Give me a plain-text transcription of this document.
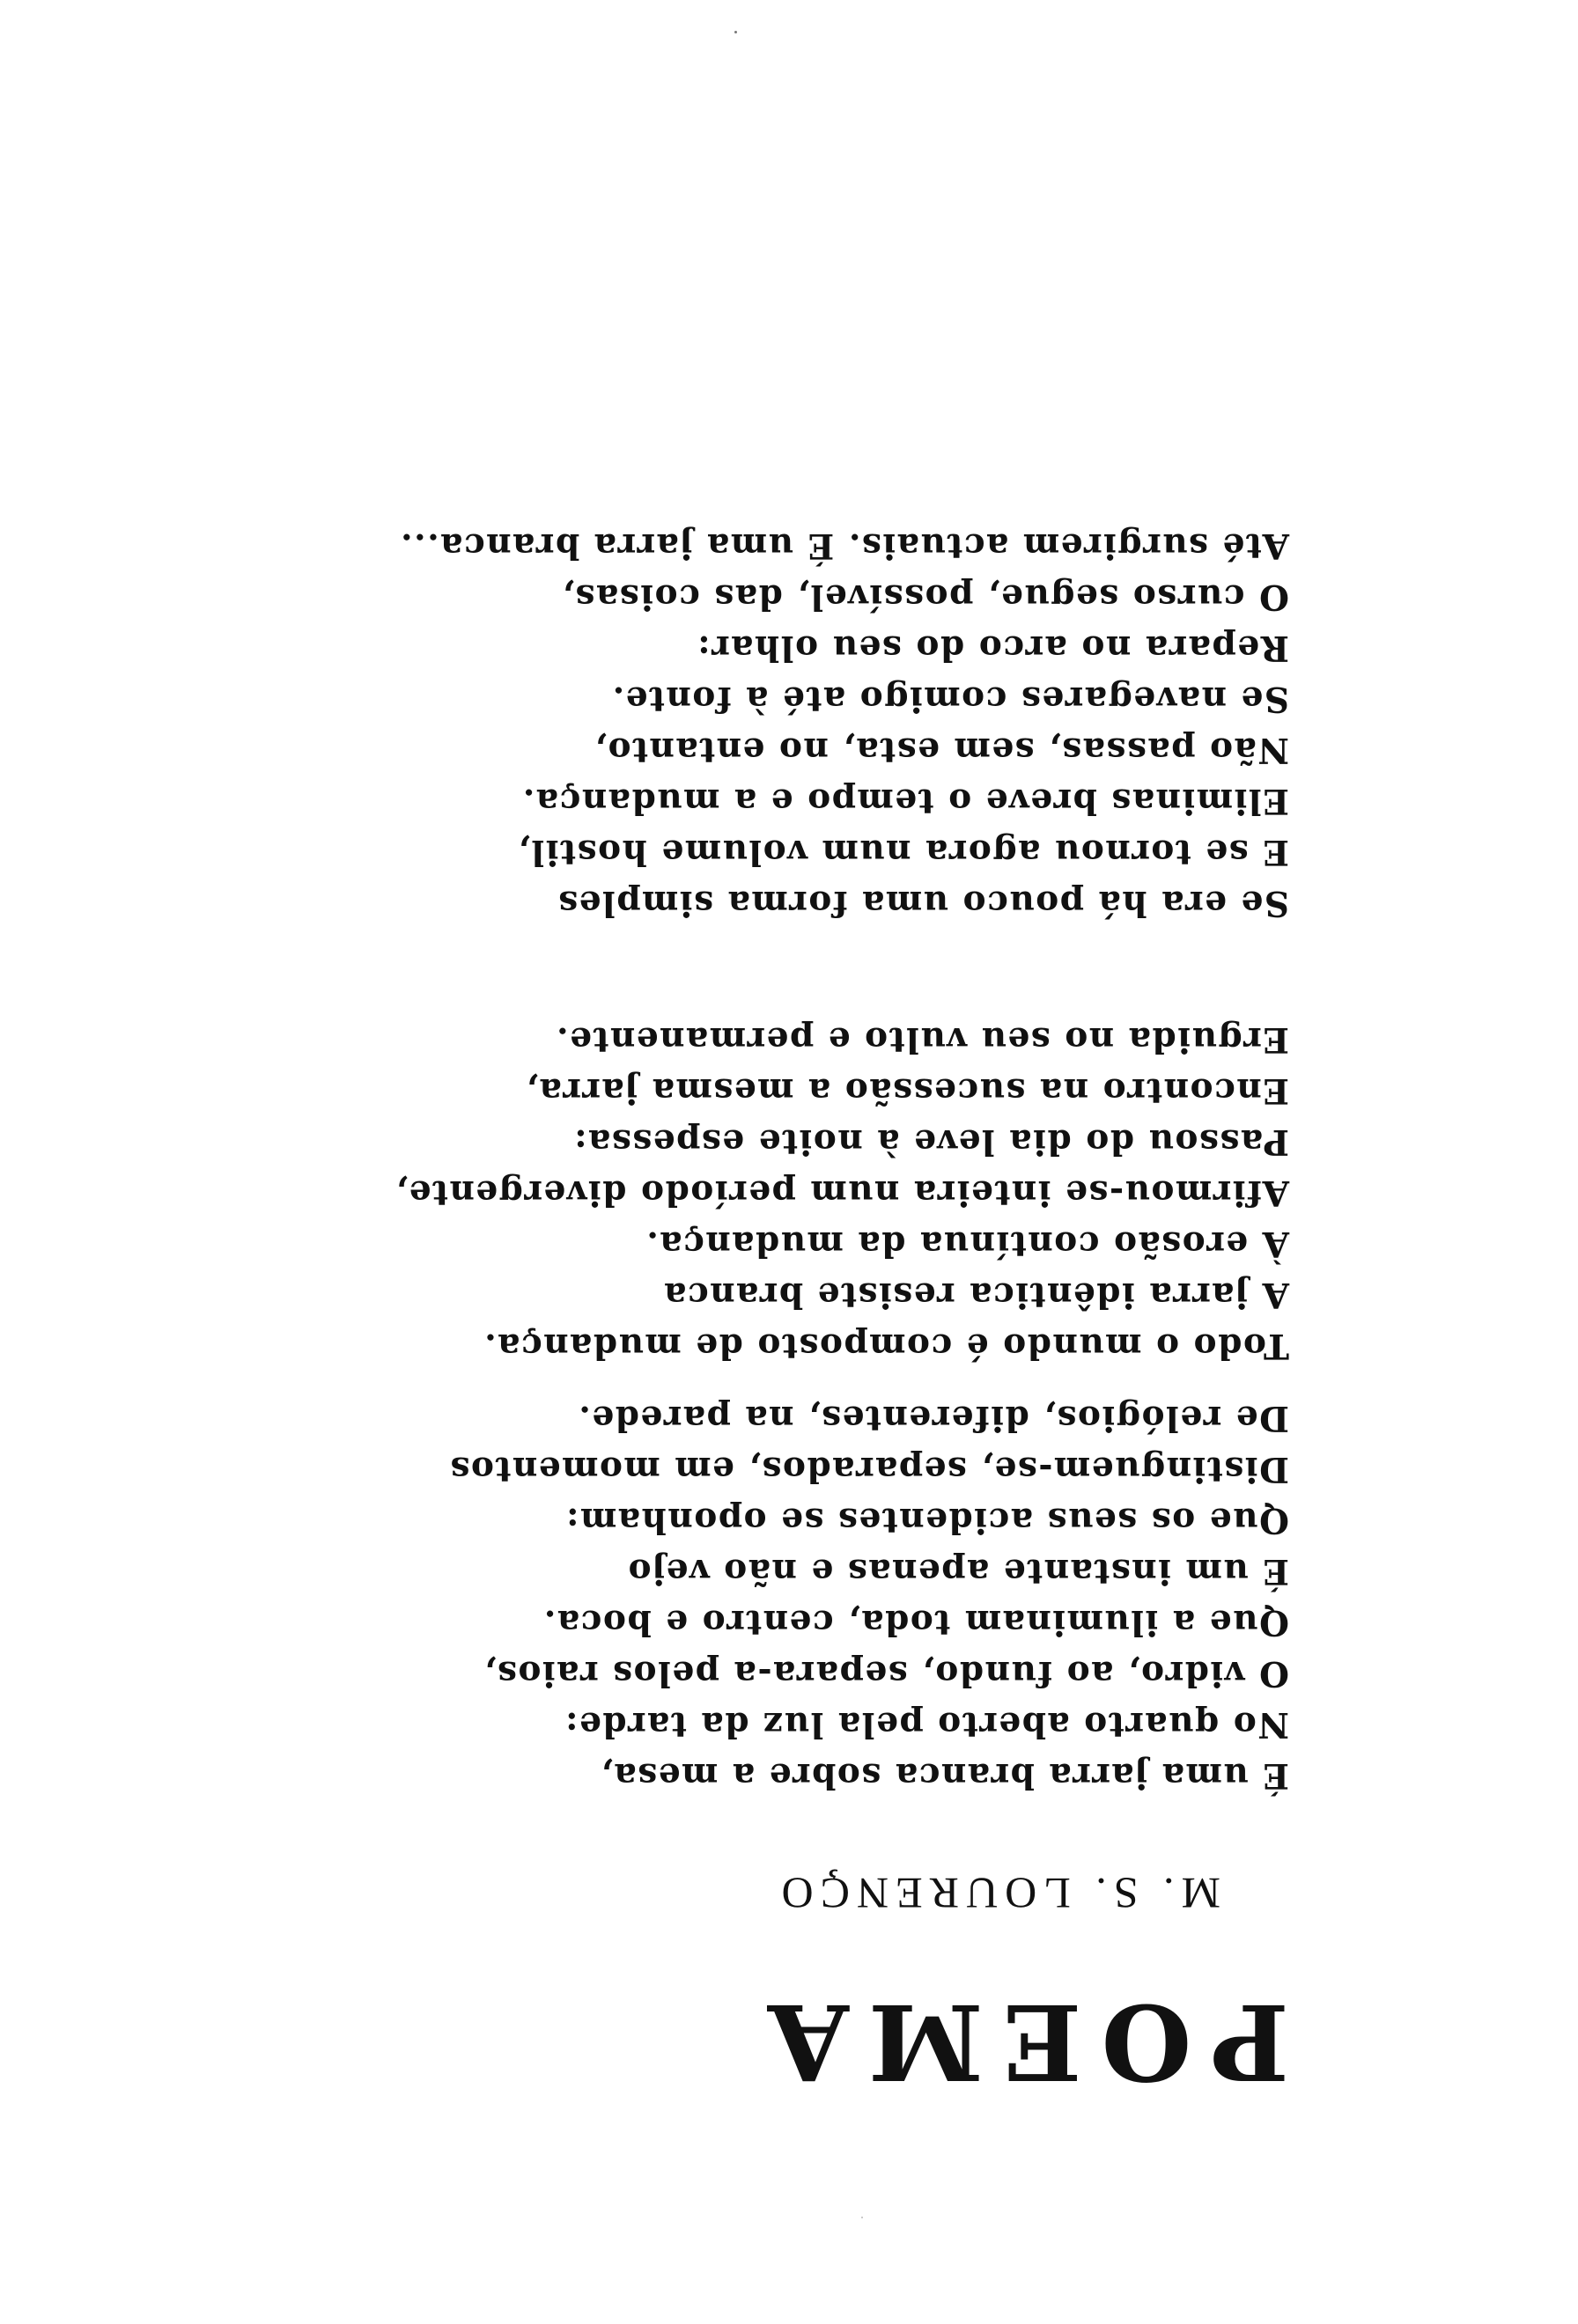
POEMA
M. S. LOURENÇO
É uma jarra branca sobre a mesa,
No quarto aberto pela luz da tarde:
O vidro, ao fundo, separa-a pelos raios,
Que a iluminam toda, centro e boca.
É um instante apenas e não vejo
Que os seus acidentes se oponham:
Distinguem-se, separados, em momentos
De relógios, diferentes, na parede.
Todo o mundo é composto de mudança.
A jarra idêntica resiste branca
À erosão contínua da mudança.
Afirmou-se inteira num período divergente,
Passou do dia leve à noite espessa:
Encontro na sucessão a mesma jarra,
Erguida no seu vulto e permanente.
Se era há pouco uma forma simples
E se tornou agora num volume hostil,
Eliminas breve o tempo e a mudança.
Não passas, sem esta, no entanto,
Se navegares comigo até à fonte.
Repara no arco do seu olhar:
O curso segue, possível, das coisas,
Até surgirem actuais. É uma jarra branca...
